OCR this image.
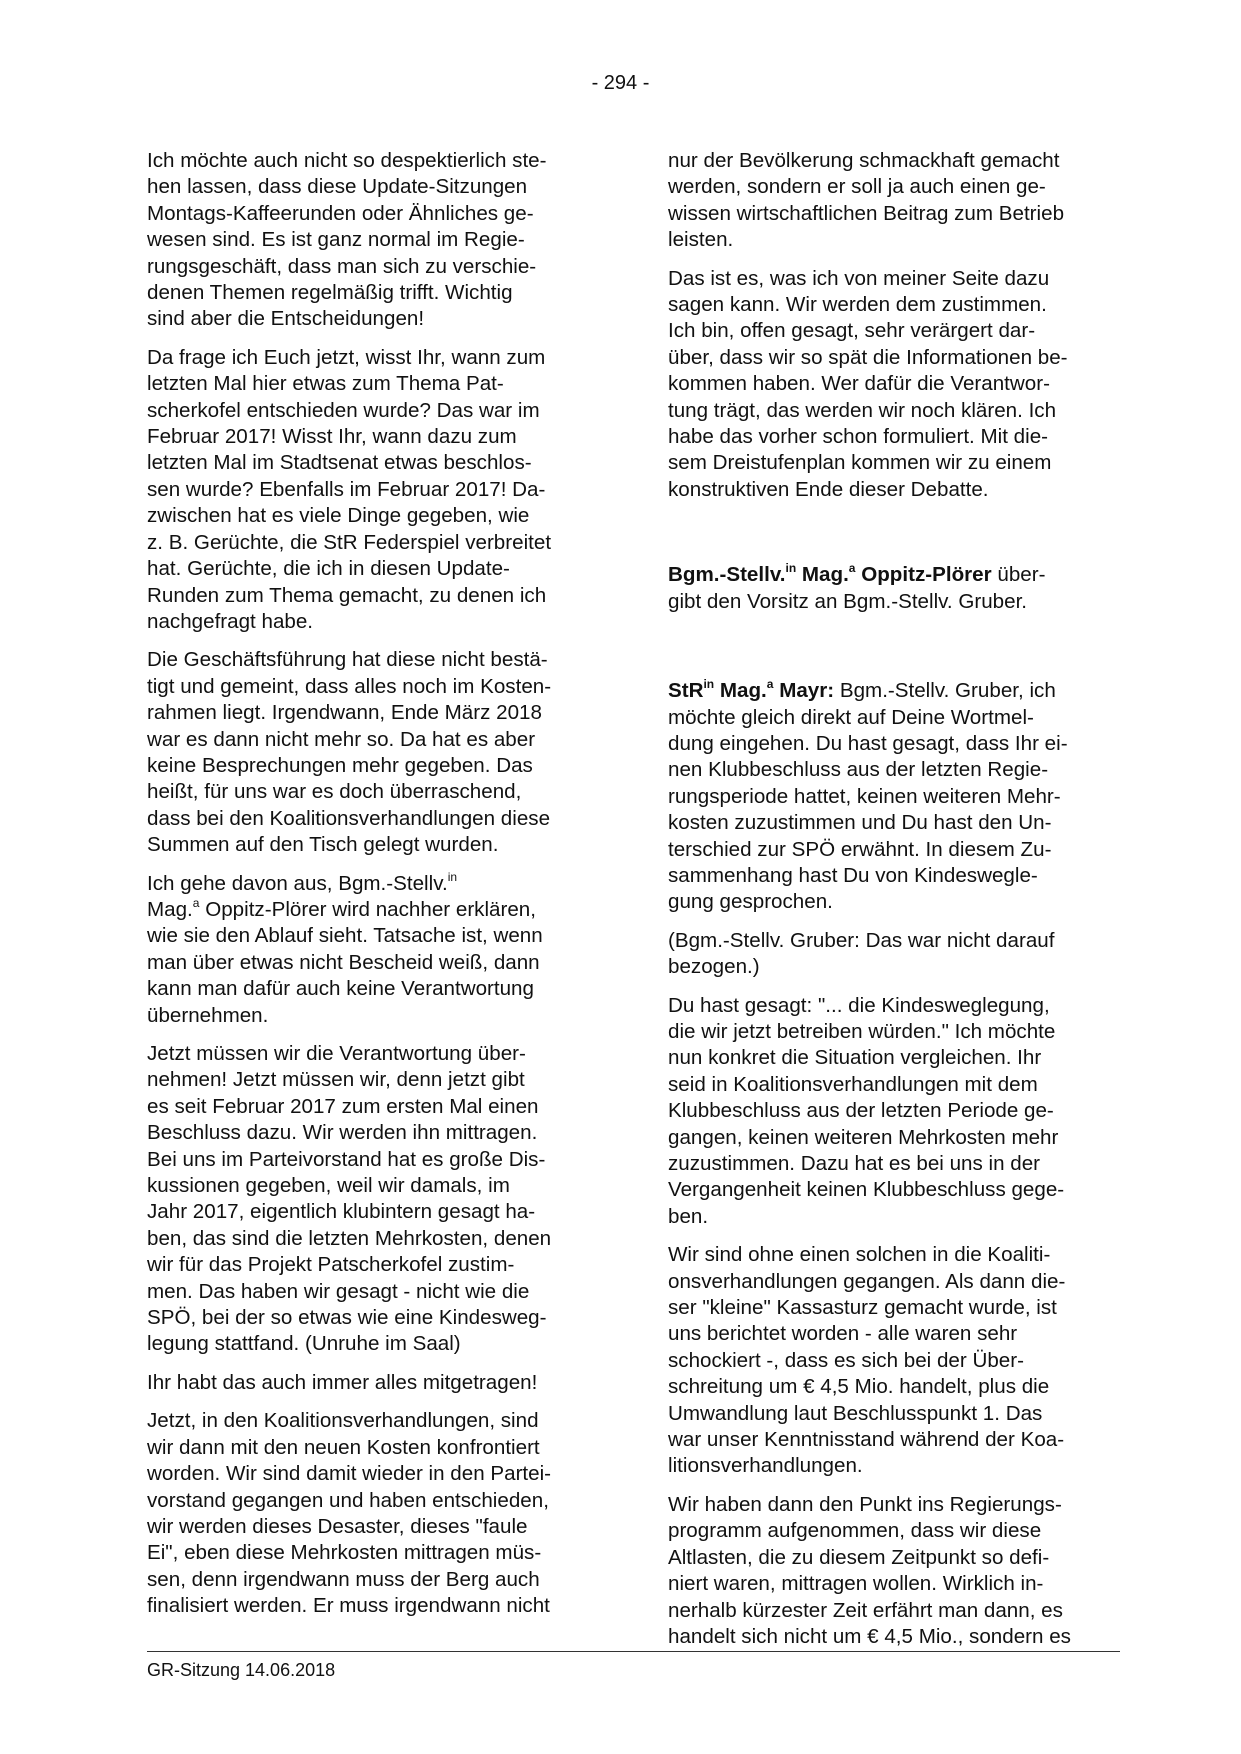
- 294 -

Ich möchte auch nicht so despektierlich ste-
hen lassen, dass diese Update-Sitzungen
Montags-Kaffeerunden oder Ähnliches ge-
wesen sind. Es ist ganz normal im Regie-
rungsgeschäft, dass man sich zu verschie-
denen Themen regelmäßig trifft. Wichtig
sind aber die Entscheidungen!

Da frage ich Euch jetzt, wisst Ihr, wann zum
letzten Mal hier etwas zum Thema Pat-
scherkofel entschieden wurde? Das war im
Februar 2017! Wisst Ihr, wann dazu zum
letzten Mal im Stadtsenat etwas beschlos-
sen wurde? Ebenfalls im Februar 2017! Da-
zwischen hat es viele Dinge gegeben, wie
z. B. Gerüchte, die StR Federspiel verbreitet
hat. Gerüchte, die ich in diesen Update-
Runden zum Thema gemacht, zu denen ich
nachgefragt habe.

Die Geschäftsführung hat diese nicht bestä-
tigt und gemeint, dass alles noch im Kosten-
rahmen liegt. Irgendwann, Ende März 2018
war es dann nicht mehr so. Da hat es aber
keine Besprechungen mehr gegeben. Das
heißt, für uns war es doch überraschend,
dass bei den Koalitionsverhandlungen diese
Summen auf den Tisch gelegt wurden.

Ich gehe davon aus, Bgm.-Stellv.$^{in}$
Mag.$^a$ Oppitz-Plörer wird nachher erklären,
wie sie den Ablauf sieht. Tatsache ist, wenn
man über etwas nicht Bescheid weiß, dann
kann man dafür auch keine Verantwortung
übernehmen.

Jetzt müssen wir die Verantwortung über-
nehmen! Jetzt müssen wir, denn jetzt gibt
es seit Februar 2017 zum ersten Mal einen
Beschluss dazu. Wir werden ihn mittragen.
Bei uns im Parteivorstand hat es große Dis-
kussionen gegeben, weil wir damals, im
Jahr 2017, eigentlich klubintern gesagt ha-
ben, das sind die letzten Mehrkosten, denen
wir für das Projekt Patscherkofel zustim-
men. Das haben wir gesagt - nicht wie die
SPÖ, bei der so etwas wie eine Kindesweg-
legung stattfand. (Unruhe im Saal)

Ihr habt das auch immer alles mitgetragen!

Jetzt, in den Koalitionsverhandlungen, sind
wir dann mit den neuen Kosten konfrontiert
worden. Wir sind damit wieder in den Partei-
vorstand gegangen und haben entschieden,
wir werden dieses Desaster, dieses "faule
Ei", eben diese Mehrkosten mittragen müs-
sen, denn irgendwann muss der Berg auch
finalisiert werden. Er muss irgendwann nicht

nur der Bevölkerung schmackhaft gemacht
werden, sondern er soll ja auch einen ge-
wissen wirtschaftlichen Beitrag zum Betrieb
leisten.

Das ist es, was ich von meiner Seite dazu
sagen kann. Wir werden dem zustimmen.
Ich bin, offen gesagt, sehr verärgert dar-
über, dass wir so spät die Informationen be-
kommen haben. Wer dafür die Verantwor-
tung trägt, das werden wir noch klären. Ich
habe das vorher schon formuliert. Mit die-
sem Dreistufenplan kommen wir zu einem
konstruktiven Ende dieser Debatte.

Bgm.-Stellv.$^{in}$ Mag.$^a$ Oppitz-Plörer über-
gibt den Vorsitz an Bgm.-Stellv. Gruber.

StR$^{in}$ Mag.$^a$ Mayr: Bgm.-Stellv. Gruber, ich
möchte gleich direkt auf Deine Wortmel-
dung eingehen. Du hast gesagt, dass Ihr ei-
nen Klubbeschluss aus der letzten Regie-
rungsperiode hattet, keinen weiteren Mehr-
kosten zuzustimmen und Du hast den Un-
terschied zur SPÖ erwähnt. In diesem Zu-
sammenhang hast Du von Kindeswegle-
gung gesprochen.

(Bgm.-Stellv. Gruber: Das war nicht darauf
bezogen.)

Du hast gesagt: "... die Kindesweglegung,
die wir jetzt betreiben würden." Ich möchte
nun konkret die Situation vergleichen. Ihr
seid in Koalitionsverhandlungen mit dem
Klubbeschluss aus der letzten Periode ge-
gangen, keinen weiteren Mehrkosten mehr
zuzustimmen. Dazu hat es bei uns in der
Vergangenheit keinen Klubbeschluss gege-
ben.

Wir sind ohne einen solchen in die Koaliti-
onsverhandlungen gegangen. Als dann die-
ser "kleine" Kassasturz gemacht wurde, ist
uns berichtet worden - alle waren sehr
schockiert -, dass es sich bei der Über-
schreitung um € 4,5 Mio. handelt, plus die
Umwandlung laut Beschlusspunkt 1. Das
war unser Kenntnisstand während der Koa-
litionsverhandlungen.

Wir haben dann den Punkt ins Regierungs-
programm aufgenommen, dass wir diese
Altlasten, die zu diesem Zeitpunkt so defi-
niert waren, mittragen wollen. Wirklich in-
nerhalb kürzester Zeit erfährt man dann, es
handelt sich nicht um € 4,5 Mio., sondern es

GR-Sitzung 14.06.2018
